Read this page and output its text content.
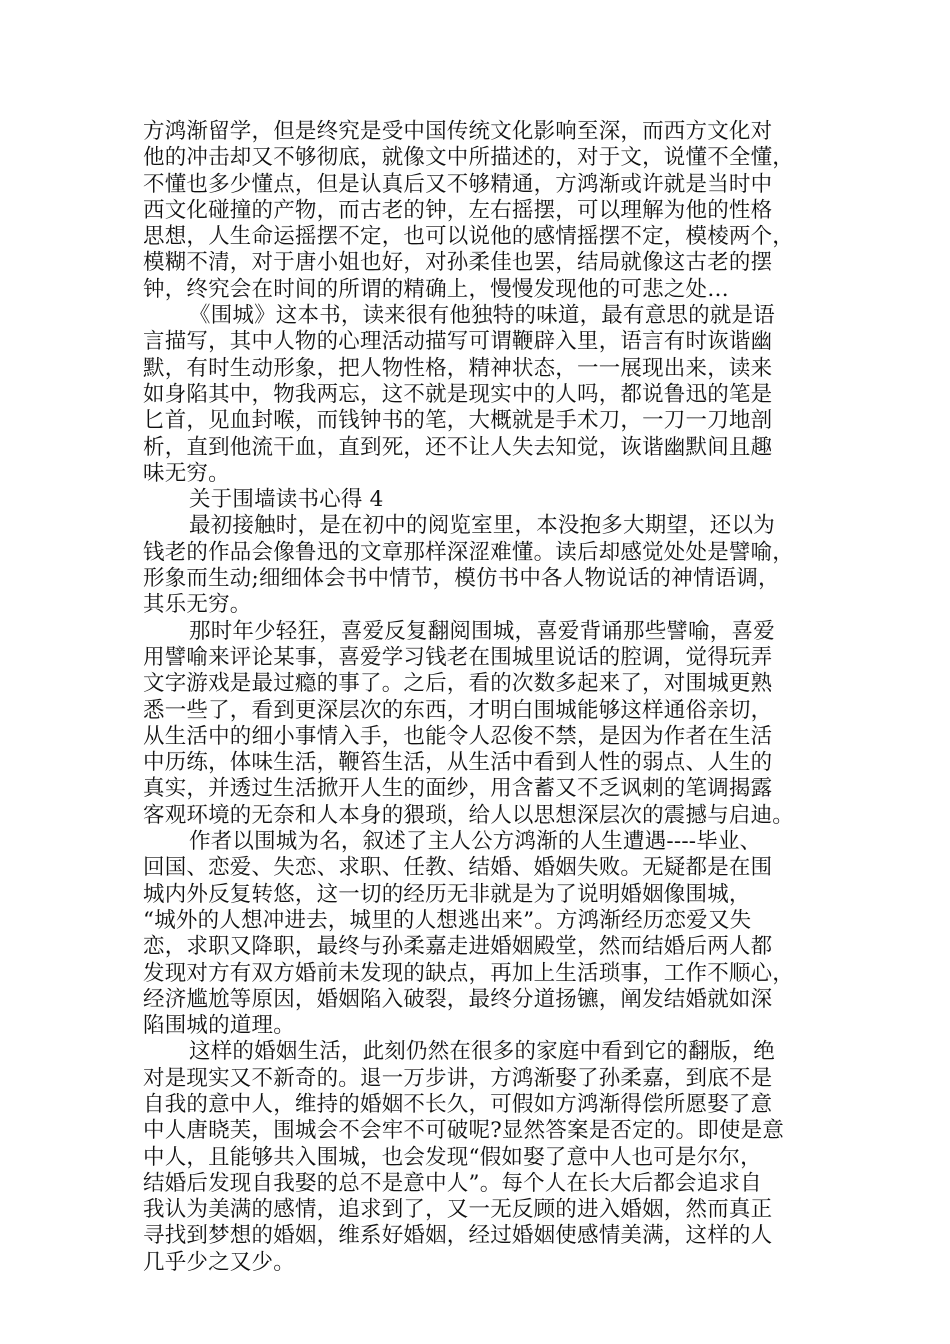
方鸿渐留学，但是终究是受中国传统文化影响至深，而西方文化对
他的冲击却又不够彻底，就像文中所描述的，对于文，说懂不全懂，
不懂也多少懂点，但是认真后又不够精通，方鸿渐或许就是当时中
西文化碰撞的产物，而古老的钟，左右摇摆，可以理解为他的性格
思想，人生命运摇摆不定，也可以说他的感情摇摆不定，模棱两个，
模糊不清，对于唐小姐也好，对孙柔佳也罢，结局就像这古老的摆
钟，终究会在时间的所谓的精确上，慢慢发现他的可悲之处…

《围城》这本书，读来很有他独特的味道，最有意思的就是语
言描写，其中人物的心理活动描写可谓鞭辟入里，语言有时诙谐幽
默，有时生动形象，把人物性格，精神状态，一一展现出来，读来
如身陷其中，物我两忘，这不就是现实中的人吗，都说鲁迅的笔是
匕首，见血封喉，而钱钟书的笔，大概就是手术刀，一刀一刀地剖
析，直到他流干血，直到死，还不让人失去知觉，诙谐幽默间且趣
味无穷。

关于围墙读书心得 4

最初接触时，是在初中的阅览室里，本没抱多大期望，还以为
钱老的作品会像鲁迅的文章那样深涩难懂。读后却感觉处处是譬喻，
形象而生动;细细体会书中情节，模仿书中各人物说话的神情语调，
其乐无穷。

那时年少轻狂，喜爱反复翻阅围城，喜爱背诵那些譬喻，喜爱
用譬喻来评论某事，喜爱学习钱老在围城里说话的腔调，觉得玩弄
文字游戏是最过瘾的事了。之后，看的次数多起来了，对围城更熟
悉一些了，看到更深层次的东西，才明白围城能够这样通俗亲切，
从生活中的细小事情入手，也能令人忍俊不禁，是因为作者在生活
中历练，体味生活，鞭笞生活，从生活中看到人性的弱点、人生的
真实，并透过生活掀开人生的面纱，用含蓄又不乏讽刺的笔调揭露
客观环境的无奈和人本身的猥琐，给人以思想深层次的震撼与启迪。

作者以围城为名，叙述了主人公方鸿渐的人生遭遇----毕业、
回国、恋爱、失恋、求职、任教、结婚、婚姻失败。无疑都是在围
城内外反复转悠，这一切的经历无非就是为了说明婚姻像围城，
“城外的人想冲进去，城里的人想逃出来”。方鸿渐经历恋爱又失
恋，求职又降职，最终与孙柔嘉走进婚姻殿堂，然而结婚后两人都
发现对方有双方婚前未发现的缺点，再加上生活琐事，工作不顺心，
经济尴尬等原因，婚姻陷入破裂，最终分道扬镳，阐发结婚就如深
陷围城的道理。

这样的婚姻生活，此刻仍然在很多的家庭中看到它的翻版，绝
对是现实又不新奇的。退一万步讲，方鸿渐娶了孙柔嘉，到底不是
自我的意中人，维持的婚姻不长久，可假如方鸿渐得偿所愿娶了意
中人唐晓芙，围城会不会牢不可破呢?显然答案是否定的。即使是意
中人，且能够共入围城，也会发现“假如娶了意中人也可是尔尔，
结婚后发现自我娶的总不是意中人”。每个人在长大后都会追求自
我认为美满的感情，追求到了，又一无反顾的进入婚姻，然而真正
寻找到梦想的婚姻，维系好婚姻，经过婚姻使感情美满，这样的人
几乎少之又少。
